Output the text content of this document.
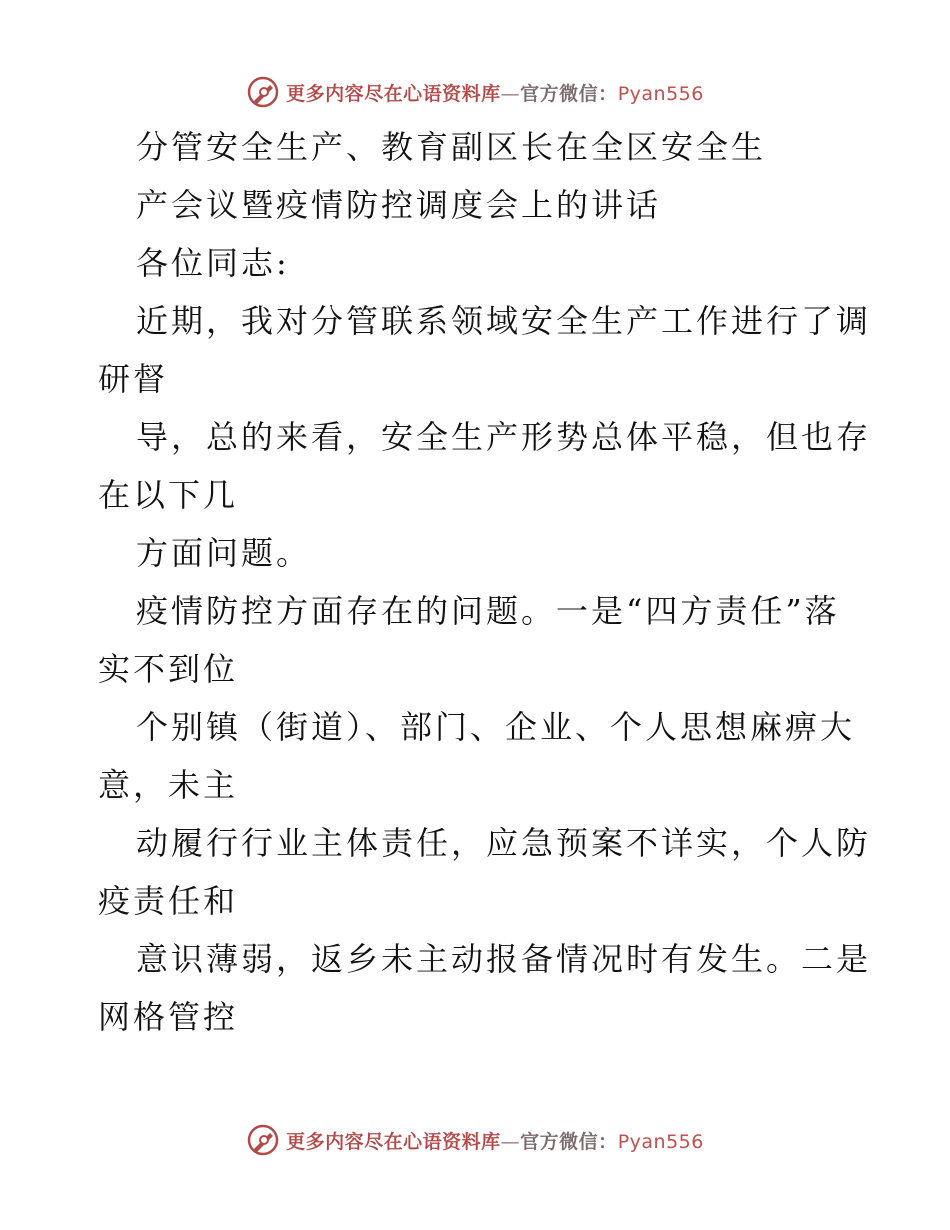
更多内容尽在心语资料库—官方微信：Pyan556
分管安全生产、教育副区长在全区安全生
产会议暨疫情防控调度会上的讲话
各位同志:
近期，我对分管联系领域安全生产工作进行了调
研督
导，总的来看，安全生产形势总体平稳，但也存
在以下几
方面问题。
疫情防控方面存在的问题。一是“四方责任”落
实不到位
个别镇（街道）、部门、企业、个人思想麻痹大
意，未主
动履行行业主体责任，应急预案不详实，个人防
疫责任和
意识薄弱，返乡未主动报备情况时有发生。二是
网格管控
更多内容尽在心语资料库—官方微信：Pyan556
